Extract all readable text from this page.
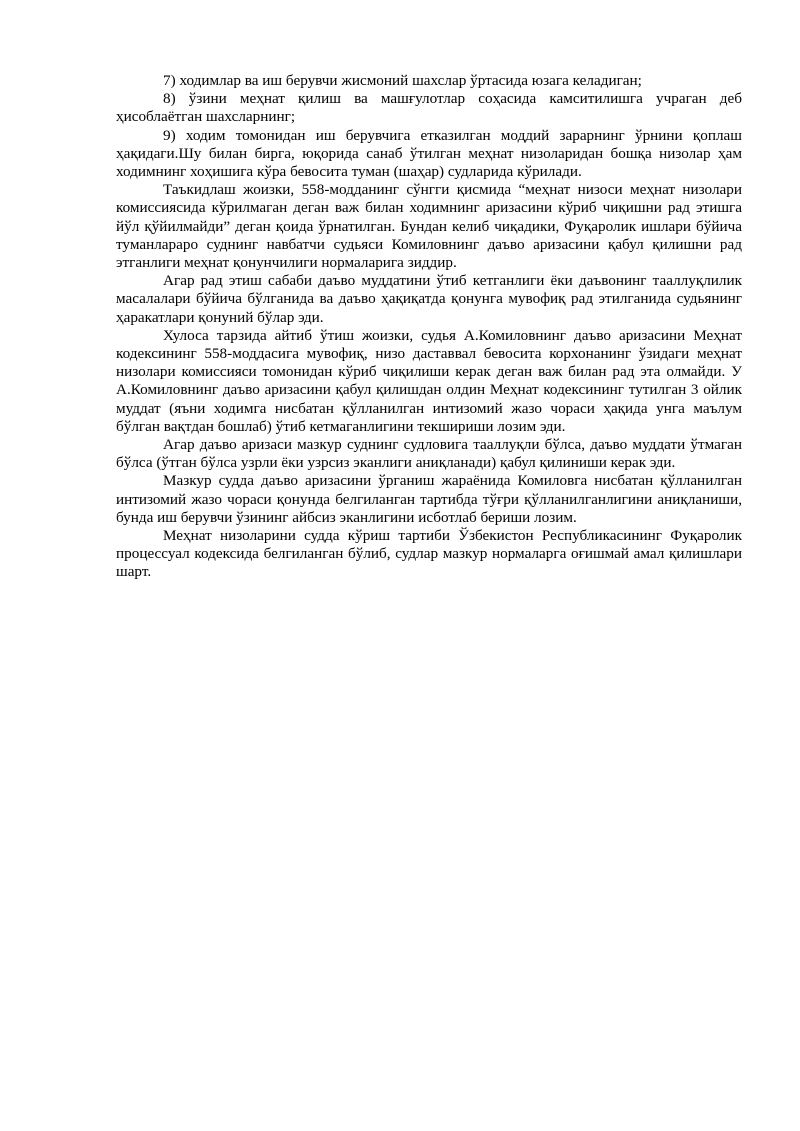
7) ходимлар ва иш берувчи жисмоний шахслар ўртасида юзага келадиган;

8) ўзини меҳнат қилиш ва машғулотлар соҳасида камситилишга учраган деб ҳисоблаётган шахсларнинг;

9) ходим томонидан иш берувчига етказилган моддий зарарнинг ўрнини қоплаш ҳақидаги.Шу билан бирга, юқорида санаб ўтилган меҳнат низоларидан бошқа низолар ҳам ходимнинг хоҳишига кўра бевосита туман (шаҳар) судларида кўрилади.

Таъкидлаш жоизки, 558-модданинг сўнгги қисмида “меҳнат низоси меҳнат низолари комиссиясида кўрилмаган деган важ билан ходимнинг аризасини кўриб чиқишни рад этишга йўл қўйилмайди” деган қоида ўрнатилган. Бундан келиб чиқадики, Фуқаролик ишлари бўйича туманлараро суднинг навбатчи судьяси Комиловнинг даъво аризасини қабул қилишни рад этганлиги меҳнат қонунчилиги нормаларига зиддир.

Агар рад этиш сабаби даъво муддатини ўтиб кетганлиги ёки даъвонинг тааллуқлилик масалалари бўйича бўлганида ва даъво ҳақиқатда қонунга мувофиқ рад этилганида судьянинг ҳаракатлари қонуний бўлар эди.

Хулоса тарзида айтиб ўтиш жоизки, судья А.Комиловнинг даъво аризасини Меҳнат кодексининг 558-моддасига мувофиқ, низо даставвал бевосита корхонанинг ўзидаги меҳнат низолари комиссияси томонидан кўриб чиқилиши керак деган важ билан рад эта олмайди. У А.Комиловнинг даъво аризасини қабул қилишдан олдин Меҳнат кодексининг тутилган 3 ойлик муддат (яъни ходимга нисбатан қўлланилган интизомий жазо чораси ҳақида унга маълум бўлган вақтдан бошлаб) ўтиб кетмаганлигини текшириши лозим эди.

Агар даъво аризаси мазкур суднинг судловига тааллуқли бўлса, даъво муддати ўтмаган бўлса (ўтган бўлса узрли ёки узрсиз эканлиги аниқланади) қабул қилиниши керак эди.

Мазкур судда даъво аризасини ўрганиш жараёнида Комиловга нисбатан қўлланилган интизомий жазо чораси қонунда белгиланган тартибда тўғри қўлланилганлигини аниқланиши, бунда иш берувчи ўзининг айбсиз эканлигини исботлаб бериши лозим.

Меҳнат низоларини судда кўриш тартиби Ўзбекистон Республикасининг Фуқаролик процессуал кодексида белгиланган бўлиб, судлар мазкур нормаларга оғишмай амал қилишлари шарт.
